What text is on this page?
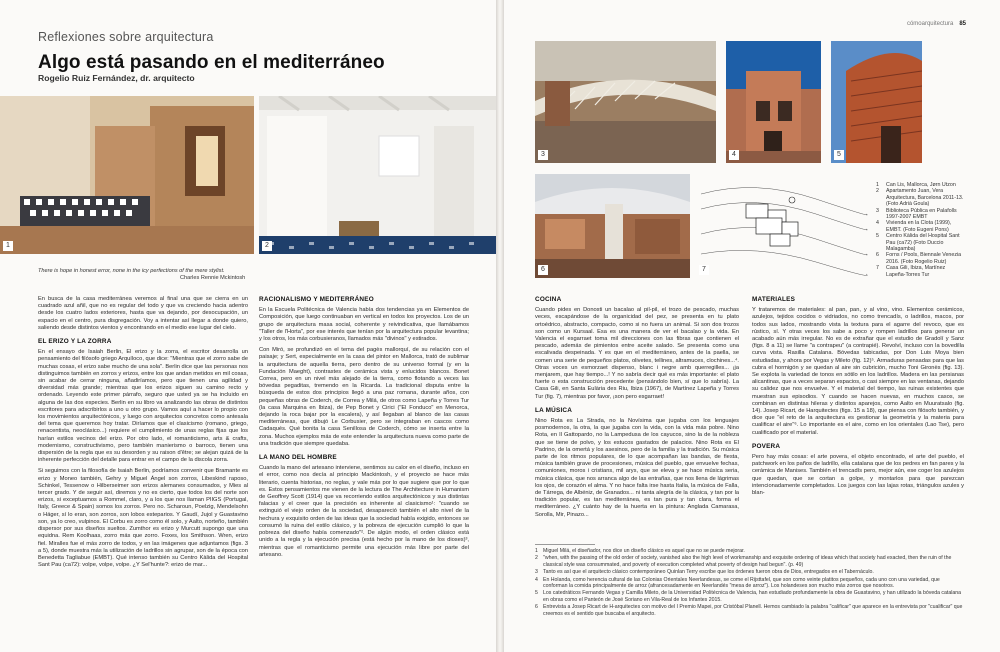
Reflexiones sobre arquitectura
Algo está pasando en el mediterráneo
Rogelio Ruiz Fernández, dr. arquitecto
1	2
There is hope in honest error, none in the icy perfections of the mere stylist.
Charles Rennie Mckintosh

En busca de la casa mediterránea veremos al final una que se cierra en un cuadrado azul añil, que no es regular del todo y que va creciendo hacia adentro desde los cuatro lados exteriores, hasta que va dejando, por desocupación, un espacio en el centro, pura disgregación. Voy a intentar así llegar a donde quiero, saliendo desde distintos vientos y encontrando en el medio ese lugar del cielo.

EL ERIZO Y LA ZORRA

En el ensayo de Isaiah Berlin, El erizo y la zorra, el escritor desarrolla un pensamiento del filósofo griego Arquíloco, que dice: "Mientras que el zorro sabe de muchas cosas, el erizo sabe mucho de una sola". Berlin dice que las personas nos distinguimos también en zorros y erizos, entre los que andan metidos en mil cosas, sin acabar de cerrar ninguna, añadiríamos, pero que tienen una agilidad y diversidad más grande; mientras que los erizos siguen su camino recto y ordenado. Leyendo este primer párrafo, seguro que usted ya se ha incluido en alguna de las dos especies. Berlin en su libro va analizando las obras de distintos escritores para adscribirlos a uno u otro grupo. Vamos aquí a hacer lo propio con los movimientos arquitectónicos, y luego con arquitectos concretos como antesala del tema que queremos hoy tratar. Diríamos que el clasicismo (romano, griego, renacentista, neoclásico...) requiere el cumplimiento de unas reglas fijas que los harían estilos vecinos del erizo. Por otro lado, el romanticismo, arts & crafts, modernismo, constructivismo, pero también manierismo o barroco, tienen una dispersión de la regla que es su desorden y su raison d'être; se alejan quizá de la inherente perfección del detalle para entrar en el campo de la discola zorra.

Si seguimos con la filosofía de Isaiah Berlin, podríamos convenir que Bramante es erizo y Moneo también, Gehry y Miguel Ángel son zorros, Libeskind raposo, Schinkel, Tessenow o Hilberseimer son erizos alemanes consumados, y Mies al tercer grado. Y de seguir así, diremos y no es cierto, que todos los del norte son erizos, si exceptuamos a Rommel, claro, y a los que nos llaman PIIGS (Portugal, Italy, Greece & Spain) somos los zorros. Pero no. Scharoun, Poelzig, Mendelsohn o Häger, sí lo eran, son zorros, son lobos esteparios. Y Gaudí, Jujol y Guastavino son, ya lo creo, vulpinos. El Corbu es zorro como él solo, y Aalto, norteño, también dispersor por sus diseños sueltos. Zumthor es erizo y Murcutt supongo que una equidna. Rem Koolhaas, zorro más que zorro. Foxes, los Smithson. Wren, erizo fiel. Miralles fue el más zorro de todos, y en las imágenes que adjuntamos (figs. 3 a 5), donde muestra más la utilización de ladrillos sin agrupar, son de la época con Benedetta Tagliabue (EMBT). Qué intenso también su Centro Kàlida del Hospital Sant Pau (ca72): volpe, volpe, volpe. ¿Y Sel'hunte?: erizo de mar...

RACIONALISMO Y MEDITERRÁNEO

En la Escuela Politécnica de Valencia había dos tendencias ya en Elementos de Composición, que luego continuaban en vertical en todos los proyectos. Los de un grupo de arquitectura masa social, coherente y reivindicativa, que llamábamos "Taller de l'Horta", por ese interés que tenían por la arquitectura popular levantina; y los otros, los más corbusieranos, llamados más "divinos" y estirados.

Con Miró, se profundizó en el tema del pagès mallorquí, de su relación con el paisaje; y Sert, especialmente en la casa del pintor en Mallorca, trató de sublimar la arquitectura de aquella tierra, pero dentro de su universo formal (y en la Fundación Maeght), contrastes de cerámica vista y enlucidos blancos. Bonet Correa, pero en un nivel más alejado de la tierra, como flotando a veces las bóvedas pegaditas, tremendo en la Ricarda. La tradicional disputa entre la búsqueda de estos dos principios llegó a una paz romana, durante años, con pequeñas obras de Coderch, de Correa y Milá, de otros como Lapeña y Torres Tur (la casa Marquina en Ibiza), de Pep Bonet y Cirici ("El Fonduco" en Menorca, dejando la roca bajar por la escalera), y así llegaban al blanco de las casas mediterráneas, que dibujó Le Corbusier, pero se integraban en cascos como Cadaqués. Qué bonita la casa Senillosa de Coderch, cómo se inserta entre la zona. Muchos ejemplos más de este entender la arquitectura nueva como parte de una tradición que siempre quedaba.

LA MANO DEL HOMBRE

Cuando la mano del artesano interviene, sentimos su calor en el diseño, incluso en el error, como nos decía al principio Mackintosh, y el proyecto se hace más literario, cuenta historias, no reglas, y vale más por lo que sugiere que por lo que es. Estos pensamientos me vienen de la lectura de The Architecture in Humanism de Geoffrey Scott (1914) que va recorriendo estilos arquitectónicos y sus distintas falacias y el creer que la precisión es inherente al clasicismo¹: "cuando se extinguió el viejo orden de la sociedad, desapareció también el alto nivel de la hechura y exquisito orden de las ideas que la sociedad había exigido, entonces se consumó la ruina del estilo clásico, y la pobreza de ejecución cumplió lo que la pobreza del diseño había comenzado"². De algún modo, el orden clásico está unido a la regla y la ejecución precisa (está hecho por la mano de los dioses)³, mientras que el romanticismo permite una ejecución más libre por parte del artesano.

cómoarquitectura 85
3	4	5
6	7
1	Can Lis, Mallorca, Jørn Utzon
2	Apartamento Juan, Vera Arquitectura, Barcelona 2011-13. (Foto Adrià Goula)
3	Biblioteca Pública en Palafolls 1997-2007 EMBT
4	Vivienda en la Clota (1999), EMBT. (Foto Eugeni Pons)
5	Centro Kàlida del Hospital Sant Pau (ca72) (Foto Duccio Malagamba)
6	Forns / Pools, Biennale Venezia 2016. (Foto Rogelio Ruiz)
7	Casa Gili, Ibiza, Martínez Lapeña-Torres Tur
COCINA

Cuando pides en Donosti un bacalao al pil-pil, el trozo de pescado, muchas veces, escapándose de la organicidad del pez, se presenta en tu plato ortoédrico, abstracto, compacto, como si no fuera un animal. Si son dos trozos son como un Kursaal. Esa es una manera de ver el bacalao y la vida. En Valencia el esgarraet toma mil direcciones con las fibras que contienen el pescado, además de pimientos entre aceite salado. Se presenta como una escalivada despeinada. Y es que en el mediterráneo, antes de la paella, se comen una serie de pequeños platos, olivetes, tellines, altramuces, clochines...⁴. Otras voces un esmorzaet dispenso, blanc i negre amb querregilles... ¡ja menjarem, que hay tiempo...! Y no sabría decir qué es más importante: el plato fuerte o esta construcción precedente (pensándolo bien, sí que lo sabría). La Casa Gili, en Santa Eulària des Riu, Ibiza (1967), de Martínez Lapeña y Torres Tur (fig. 7), mientras por favor, ¡son pero esgarraet!

LA MÚSICA

Nino Rota es La Strada, no la Novísima que jugaba con los lenguajes posmodernos, la otra, la que jugaba con la vida, con la vida más pobre. Nino Rota, en Il Gattopardo, no la Lampedusa de los cayucos, sino la de la nobleza que se tiene de polvo, y los estucos gastados de palacios. Nino Rota es El Padrino, de la omertá y los asesinos, pero de la familia y la tradición. Su música parte de los ritmos populares, de lo que acompañan las bandas, de fiesta, música también grave de procesiones, música del pueblo, que envuelve fechas, comuniones, moros i cristians, mil arys, que se eleva y se hace música seria, música clásica, que nos arranca algo de las entrañas, que nos llena de lágrimas los ojos, de corazón el alma. Y no hace falta irse hasta Italia, la música de Falla, de Tárrega, de Albéniz, de Granados... ni tanta alegría de la clásica, y tan por la tradición popular, es tan mediterránea, es tan pura y tan clara, forma el mediterráneo. ¿Y cuánto hay de la huerta en la pintura: Anglada Camarasa, Sorolla, Mir, Pinazo...

MATERIALES

Y trataremos de materiales: al pan, pan, y al vino, vino. Elementos cerámicos, azulejos, tejidos cocidos o vidriados, no como trencadís, o ladrillos, macos, por todos sus lados, mostrando vista la textura para el agarre del revoco, que es rústico, sí. Y otras veces los sabe a poco y rompen ladrillos para generar un acabado aún más irregular. No es de extrañar que el estudio de Gradolí y Sanz (figs. 8 a 11) se llame "a contrapeu" (a contrapié). Revolví, incluso con la bovedilla curva vista. Rasilla Catalana. Bóvedas tabicadas, por Don Luis Moya bien estudiadas, y ahora por Vegas y Mileto (fig. 12)⁵. Armaduras pensadas para que las cubra el hormigón y se quedan al aire sin cubrición, mucho Toni Gironès (fig. 13). Se explota la variedad de tonos en sótilo en los ladrillos. Madera en las persianas alicantinas, que a veces separan espacios, o casi siempre en las ventanas, dejando su calidez que nos envuelve. Y el material del tiempo, las ruinas existentes que muestran sus episodios. Y cuando se hacen nuevas, en muchos casos, se combinan en distintas hileras y distintos aparejos, como Aalto en Muuratsalo (fig. 14). Josep Ricart, de Harquitectes (figs. 15 a 18), que piensa con filósofo también, y dice que "el reto de la arquitectura es gestionar la geometría y la materia para cualificar el aire"⁶. Lo importante es el aire, como en los orientales (Lao Tse), pero cualificado por el material.

POVERA

Pero hay más cosas: el arte povera, el objeto encontrado, el arte del pueblo, el patchwork en los paños de ladrillo, ella catalana que de los pedres en fan pares y la cerámica de Manises. También el trencadís pero, mejor aún, ese coger los azulejos que quedan, que se cortan a golpe, y montarlos para que parezcan intencionadamente completados. Los juegos con las lajas rotas, triángulos azules y blan-

1 Miguel Milá, el diseñador, nos dice un diseño clásico es aquel que no se puede mejorar.
2 "when, with the passing of the old order of society, vanished also the high level of workmanship and exquisite ordering of ideas which that society had exacted, then the ruin of the classical style was consummated, and poverty of execution completed what poverty of design had begun". (p. 49)
3 Tanto es así que el arquitecto clásico contemporáneo Quinlan Terry escribe que los órdenes fueron obra de Dios, entregados en el Tabernáculo.
4 En Holanda, como herencia cultural de las Colonias Orientales Neerlandesas, se come el Rijsttafel, que son como veinte platitos pequeños, cada uno con una variedad, que conforman la comida principalmente de arroz (afrancesadamente en Neerlandés "mesa de arroz"). Los holandeses son mucho más zorros que nosotros.
5 Los catedráticos Fernando Vegas y Camilla Mileto, de la Universidad Politécnica de Valencia, han estudiado profundamente la obra de Guastavino, y han utilizado la bóveda catalana en obras como el Panteón de José Soriano en Vila-Real de los Infantes 2015.
6 Entrevista a Josep Ricart de H-arquitectes con motivo del I Premio Mapei, por Cristóbal Planell. Hemos cambiado la palabra "calificar" que aparece en la entrevista por "cualificar" que creemos es el sentido que buscaba el arquitecto.
